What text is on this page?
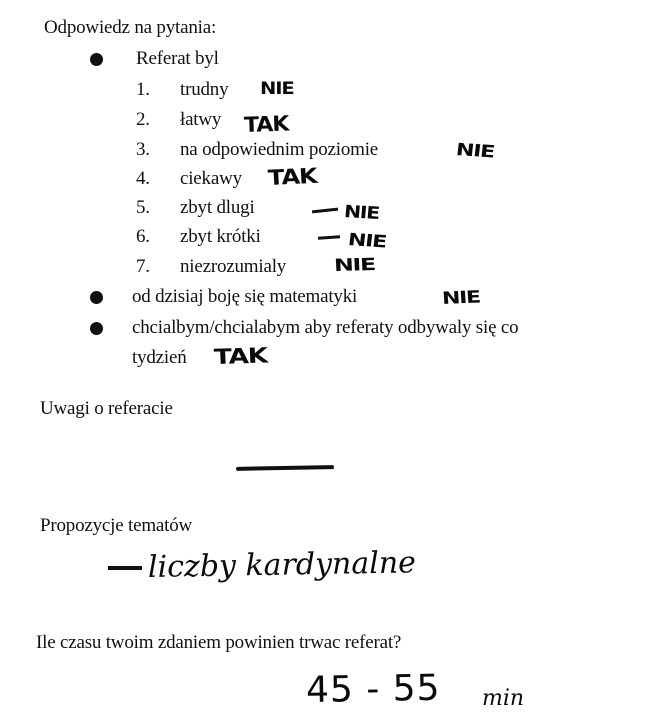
Odpowiedz na pytania:
Referat byl
1. trudny NIE
2. łatwy TAK
3. na odpowiednim poziomie	NIE
4. ciekawy TAK
5. zbyt dlugi	NIE
6. zbyt krótki	NIE
7. niezrozumialy	NIE
od dzisiaj boję się matematyki	NIE
chcialbym/chcialabym aby referaty odbywaly się co
tydzień TAK
Uwagi o referacie
Propozycje tematów
liczby kardynalne
Ile czasu twoim zdaniem powinien trwac referat?
45 - 55 min
